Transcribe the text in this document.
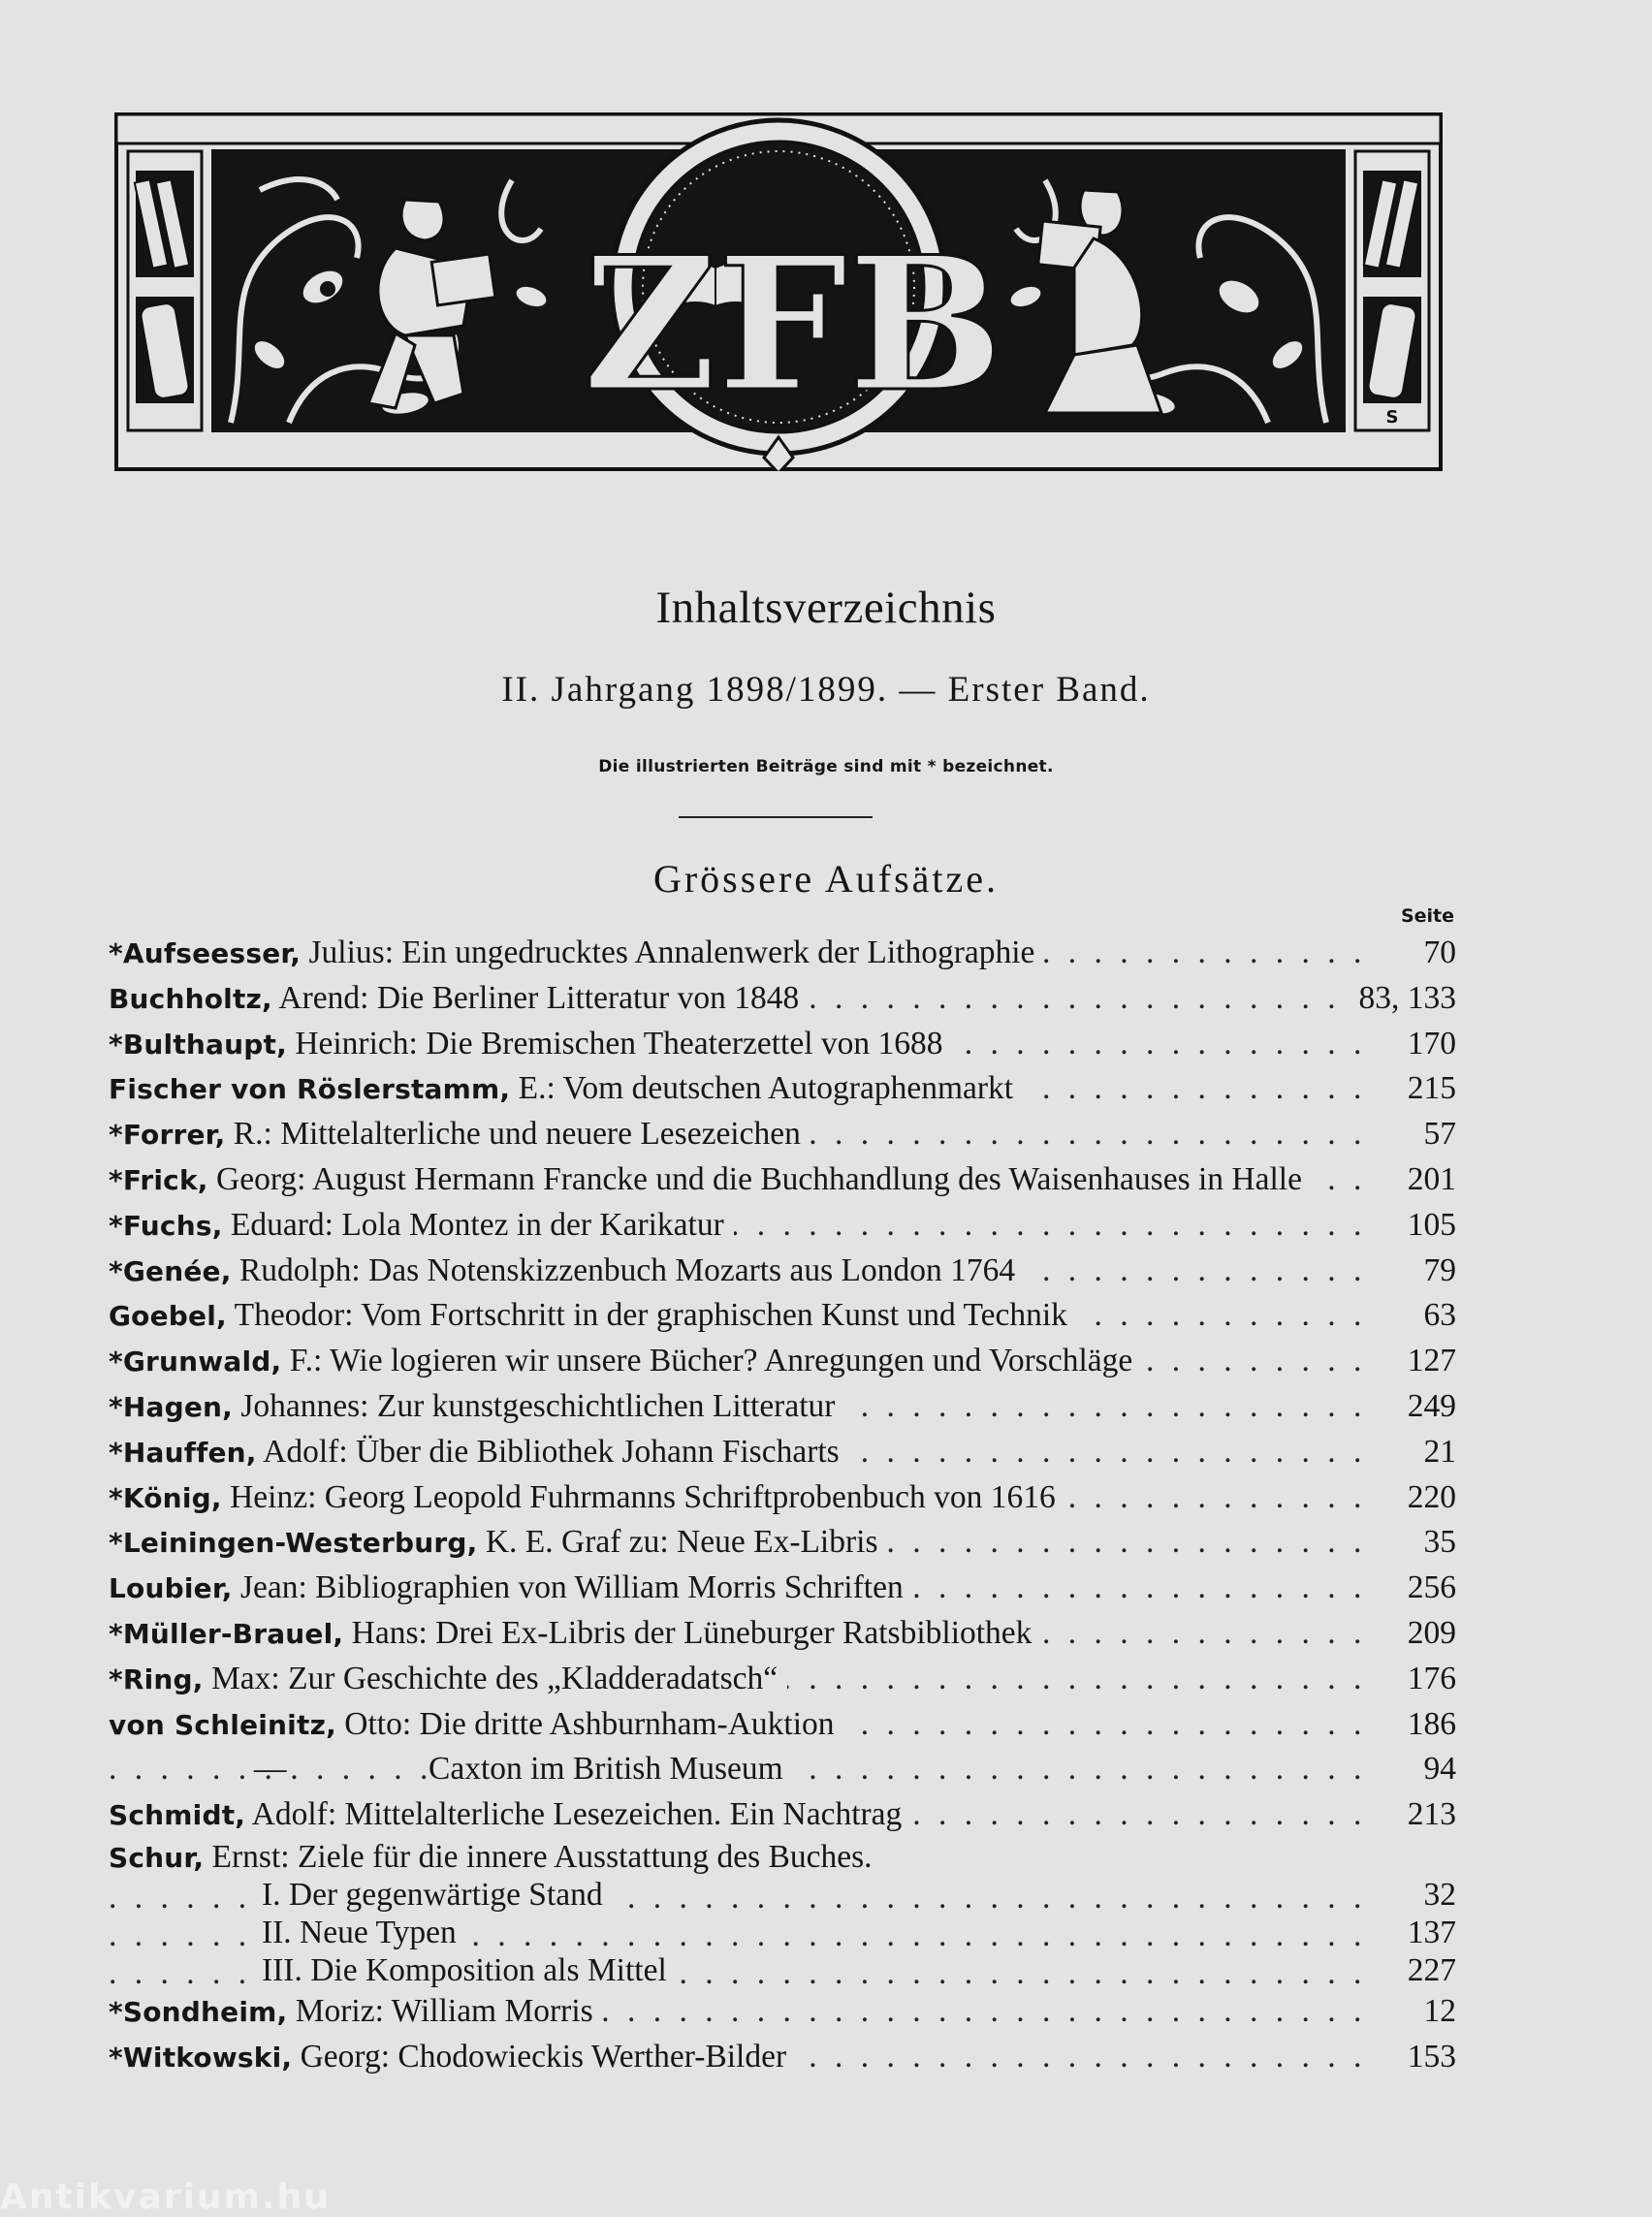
S
ZFB
Inhaltsverzeichnis
II. Jahrgang 1898/1899. — Erster Band.
Die illustrierten Beiträge sind mit * bezeichnet.
Grössere Aufsätze.
Seite
. . .
*Aufseesser, Julius: Ein ungedrucktes Annalenwerk der Lithographie	70
. . .
Buchholtz, Arend: Die Berliner Litteratur von 1848	83, 133
. . .
*Bulthaupt, Heinrich: Die Bremischen Theaterzettel von 1688	170
. . .
Fischer von Röslerstamm, E.: Vom deutschen Autographenmarkt	215
. . .
*Forrer, R.: Mittelalterliche und neuere Lesezeichen	57
. . .
*Frick, Georg: August Hermann Francke und die Buchhandlung des Waisenhauses in Halle	201
. . .
*Fuchs, Eduard: Lola Montez in der Karikatur	105
. . .
*Genée, Rudolph: Das Notenskizzenbuch Mozarts aus London 1764	79
. . .
Goebel, Theodor: Vom Fortschritt in der graphischen Kunst und Technik	63
. . .
*Grunwald, F.: Wie logieren wir unsere Bücher? Anregungen und Vorschläge	127
. . .
*Hagen, Johannes: Zur kunstgeschichtlichen Litteratur	249
. . .
*Hauffen, Adolf: Über die Bibliothek Johann Fischarts	21
. . .
*König, Heinz: Georg Leopold Fuhrmanns Schriftprobenbuch von 1616	220
. . .
*Leiningen-Westerburg, K. E. Graf zu: Neue Ex-Libris	35
. . .
Loubier, Jean: Bibliographien von William Morris Schriften	256
. . .
*Müller-Brauel, Hans: Drei Ex-Libris der Lüneburger Ratsbibliothek	209
. . .
*Ring, Max: Zur Geschichte des „Kladderadatsch“	176
. . .
von Schleinitz, Otto: Die dritte Ashburnham-Auktion	186
— . . .	Caxton im British Museum	94
. . .
Schmidt, Adolf: Mittelalterliche Lesezeichen. Ein Nachtrag	213
Schur, Ernst: Ziele für die innere Ausstattung des Buches.
. . .
I. Der gegenwärtige Stand	32
. . .
II. Neue Typen	137
. . .
III. Die Komposition als Mittel	227
. . .
*Sondheim, Moriz: William Morris	12
. . .
*Witkowski, Georg: Chodowieckis Werther-Bilder	153
Antikvarium.hu
